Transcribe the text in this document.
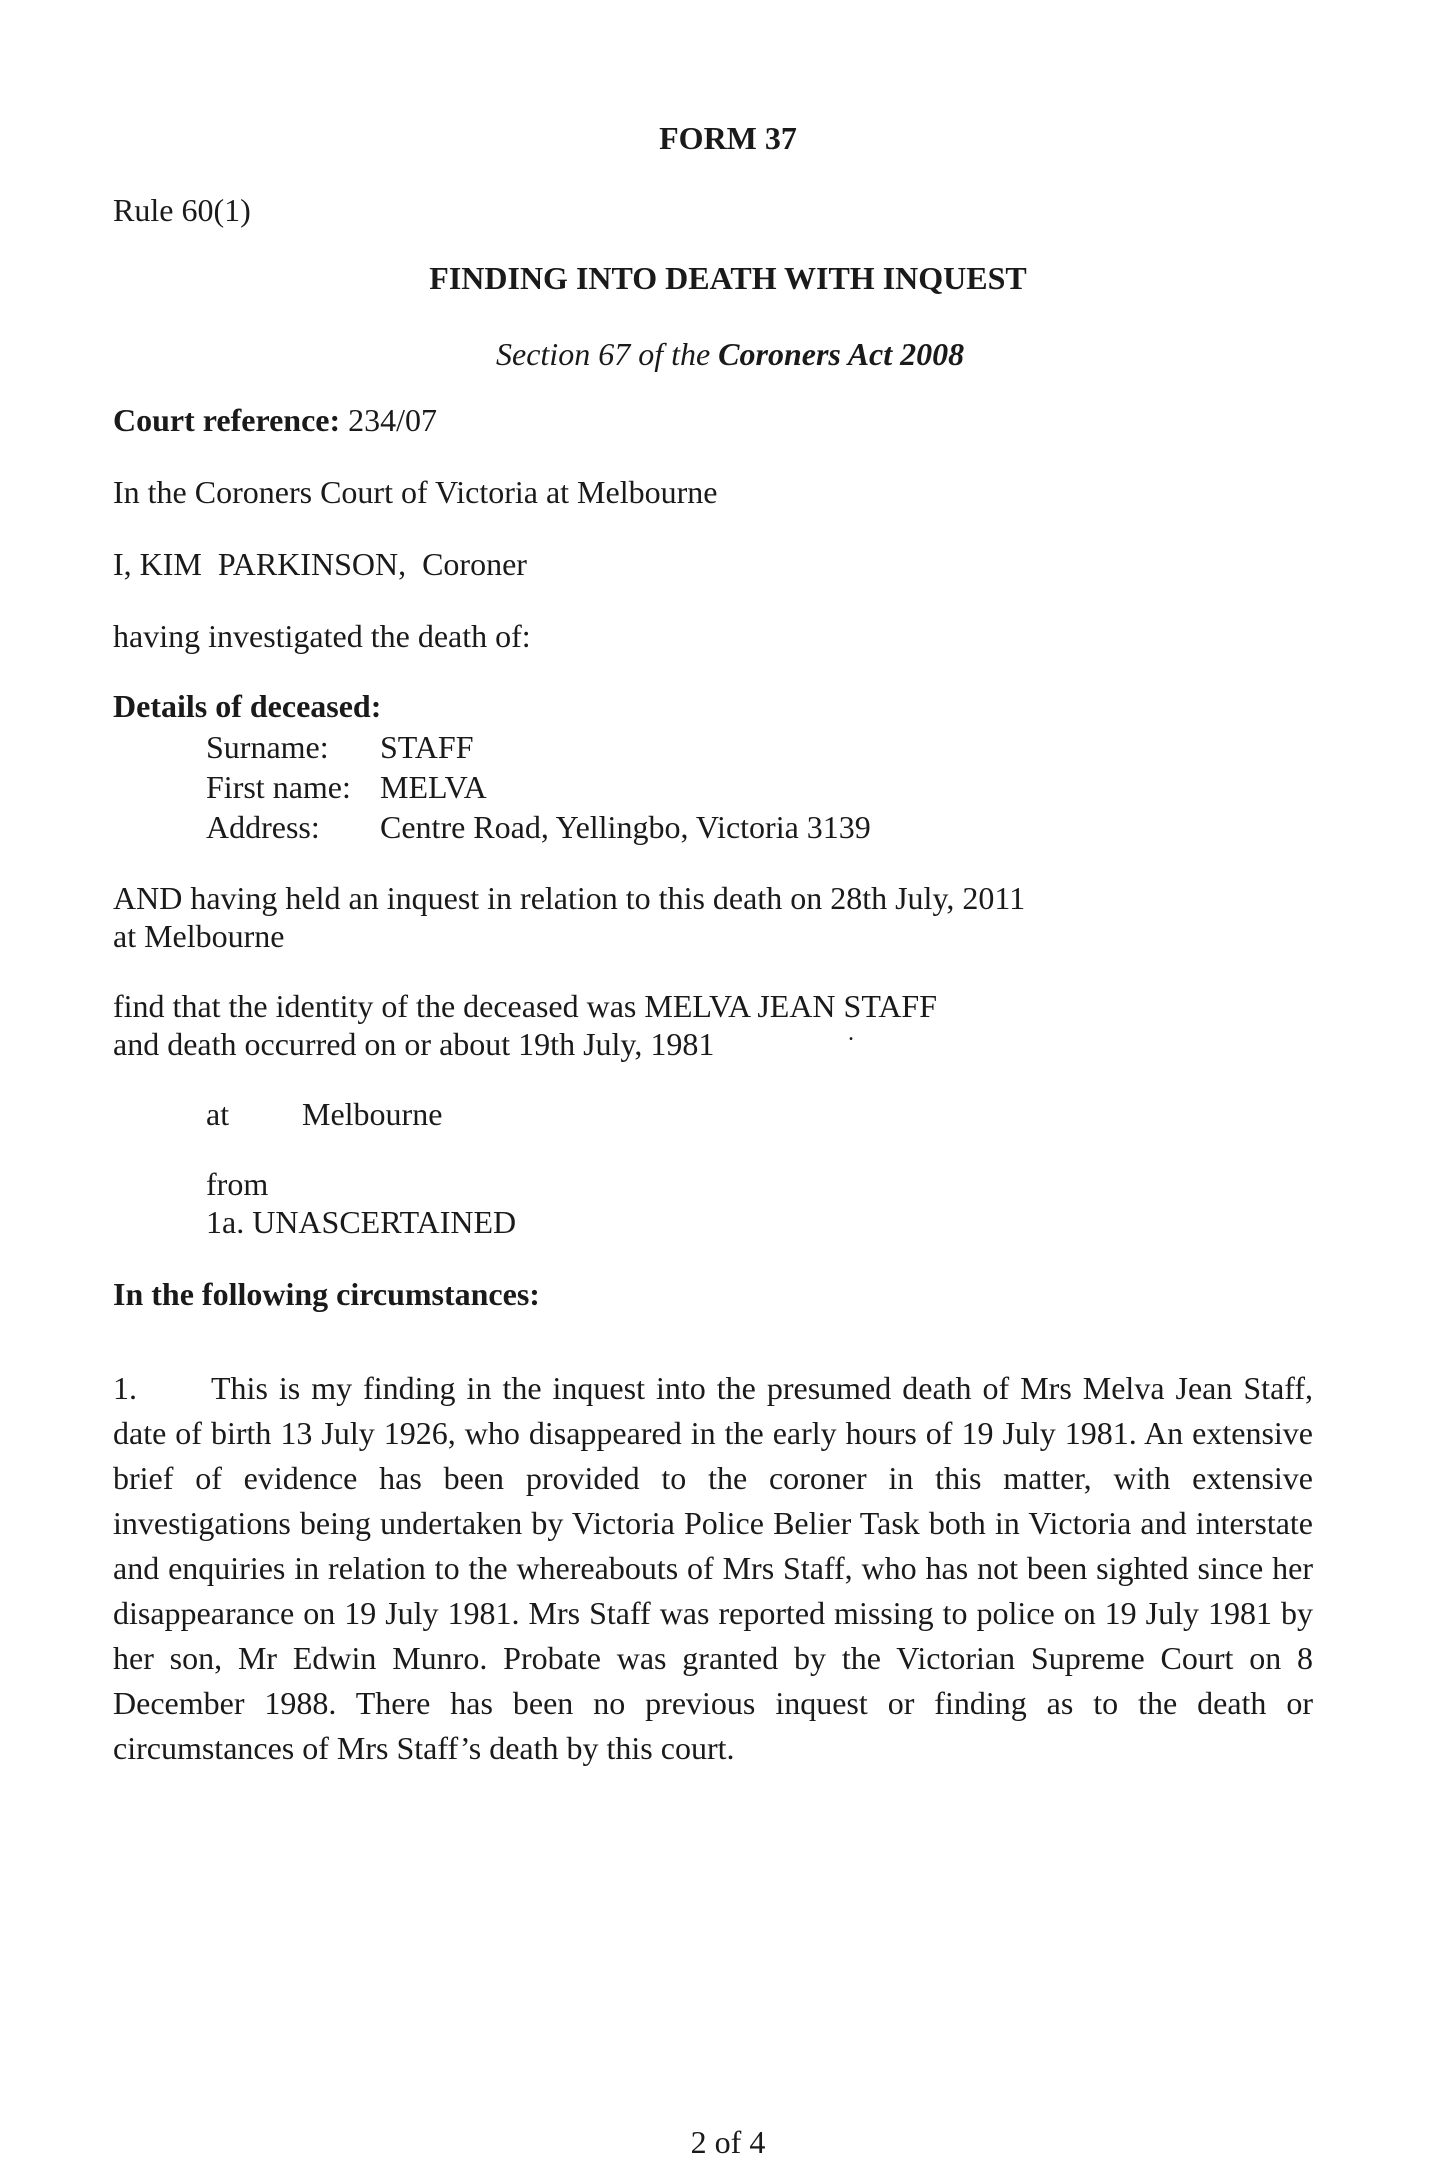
FORM 37
Rule 60(1)
FINDING INTO DEATH WITH INQUEST
Section 67 of the Coroners Act 2008
Court reference: 234/07
In the Coroners Court of Victoria at Melbourne
I, KIM  PARKINSON,  Coroner
having investigated the death of:
Details of deceased:
Surname: STAFF
First name: MELVA
Address: Centre Road, Yellingbo, Victoria 3139
AND having held an inquest in relation to this death on 28th July, 2011
at Melbourne
find that the identity of the deceased was MELVA JEAN STAFF
and death occurred on or about 19th July, 1981	.
at Melbourne
from
1a. UNASCERTAINED
In the following circumstances:
1. This is my finding in the inquest into the presumed death of Mrs Melva Jean Staff, date of birth 13 July 1926, who disappeared in the early hours of 19 July 1981. An extensive brief of evidence has been provided to the coroner in this matter, with extensive investigations being undertaken by Victoria Police Belier Task both in Victoria and interstate and enquiries in relation to the whereabouts of Mrs Staff, who has not been sighted since her disappearance on 19 July 1981. Mrs Staff was reported missing to police on 19 July 1981 by her son, Mr Edwin Munro. Probate was granted by the Victorian Supreme Court on 8 December 1988. There has been no previous inquest or finding as to the death or circumstances of Mrs Staff’s death by this court.
2 of 4
